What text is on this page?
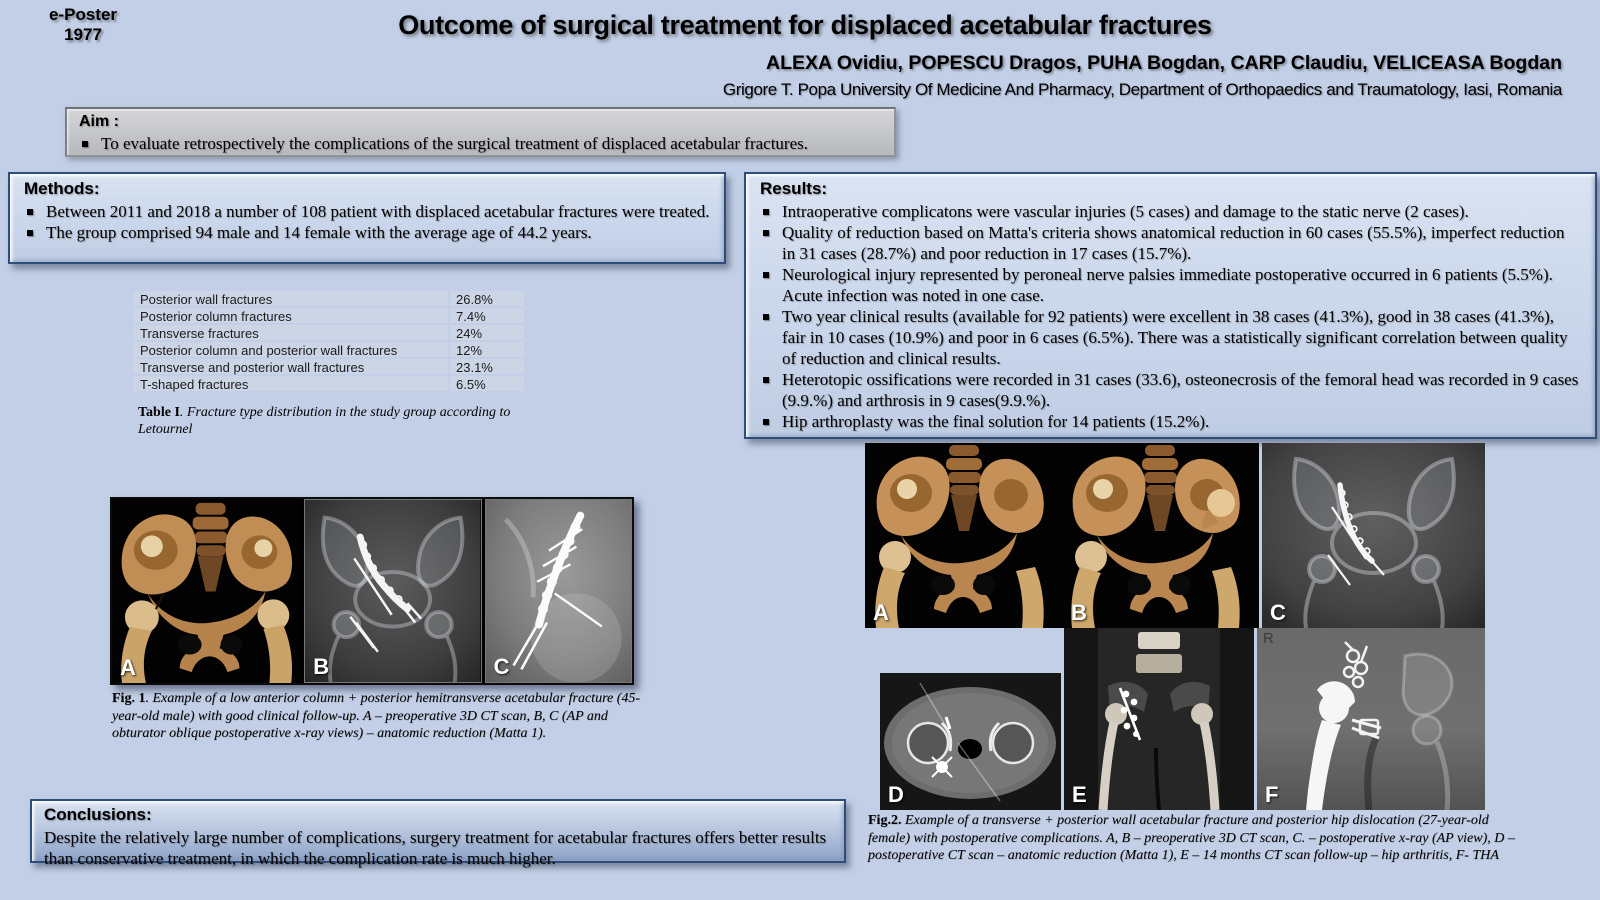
e-Poster
1977	Outcome of surgical treatment for displaced acetabular fractures
ALEXA Ovidiu, POPESCU Dragos, PUHA Bogdan, CARP Claudiu, VELICEASA Bogdan
Grigore T. Popa University Of Medicine And Pharmacy, Department of Orthopaedics and Traumatology, Iasi, Romania
Aim :
To evaluate retrospectively the complications of the surgical treatment of displaced acetabular fractures.
Methods:
Between 2011 and 2018 a number of 108 patient with displaced acetabular fractures were treated.
The group comprised 94 male and 14 female with the average age of 44.2 years.
Results:
Intraoperative complicatons were vascular injuries (5 cases) and damage to the static nerve (2 cases).
Quality of reduction based on Matta's criteria shows anatomical reduction in 60 cases (55.5%), imperfect reduction in 31 cases (28.7%) and poor reduction in 17 cases (15.7%).
Neurological injury represented by peroneal nerve palsies immediate postoperative occurred in 6 patients (5.5%). Acute infection was noted in one case.
Two year clinical results (available for 92 patients) were excellent in 38 cases (41.3%), good in 38 cases (41.3%), fair in 10 cases (10.9%) and poor in 6 cases (6.5%). There was a statistically significant correlation between quality of reduction and clinical results.
Heterotopic ossifications were recorded in 31 cases (33.6), osteonecrosis of the femoral head was recorded in 9 cases (9.9.%) and arthrosis in 9 cases(9.9.%).
Hip arthroplasty was the final solution for 14 patients (15.2%).
Posterior wall fractures	26.8%
Posterior column fractures	7.4%
Transverse fractures	24%
Posterior column and posterior wall fractures	12%
Transverse and posterior wall fractures	23.1%
T-shaped fractures	6.5%
Table I. Fracture type distribution in the study group according to Letournel
A	B	C
Fig. 1. Example of a low anterior column + posterior hemitransverse acetabular fracture (45-year-old male) with good clinical follow-up. A – preoperative 3D CT scan, B, C (AP and obturator oblique postoperative x-ray views) – anatomic reduction (Matta 1).
Conclusions:
Despite the relatively large number of complications, surgery treatment for acetabular fractures offers better results than conservative treatment, in which the complication rate is much higher.
A	B	C
D	E
R
F
Fig.2. Example of a transverse + posterior wall acetabular fracture and posterior hip dislocation (27-year-old female) with postoperative complications. A, B – preoperative 3D CT scan, C. – postoperative x-ray (AP view), D – postoperative CT scan – anatomic reduction (Matta 1), E – 14 months CT scan follow-up – hip arthritis, F- THA
